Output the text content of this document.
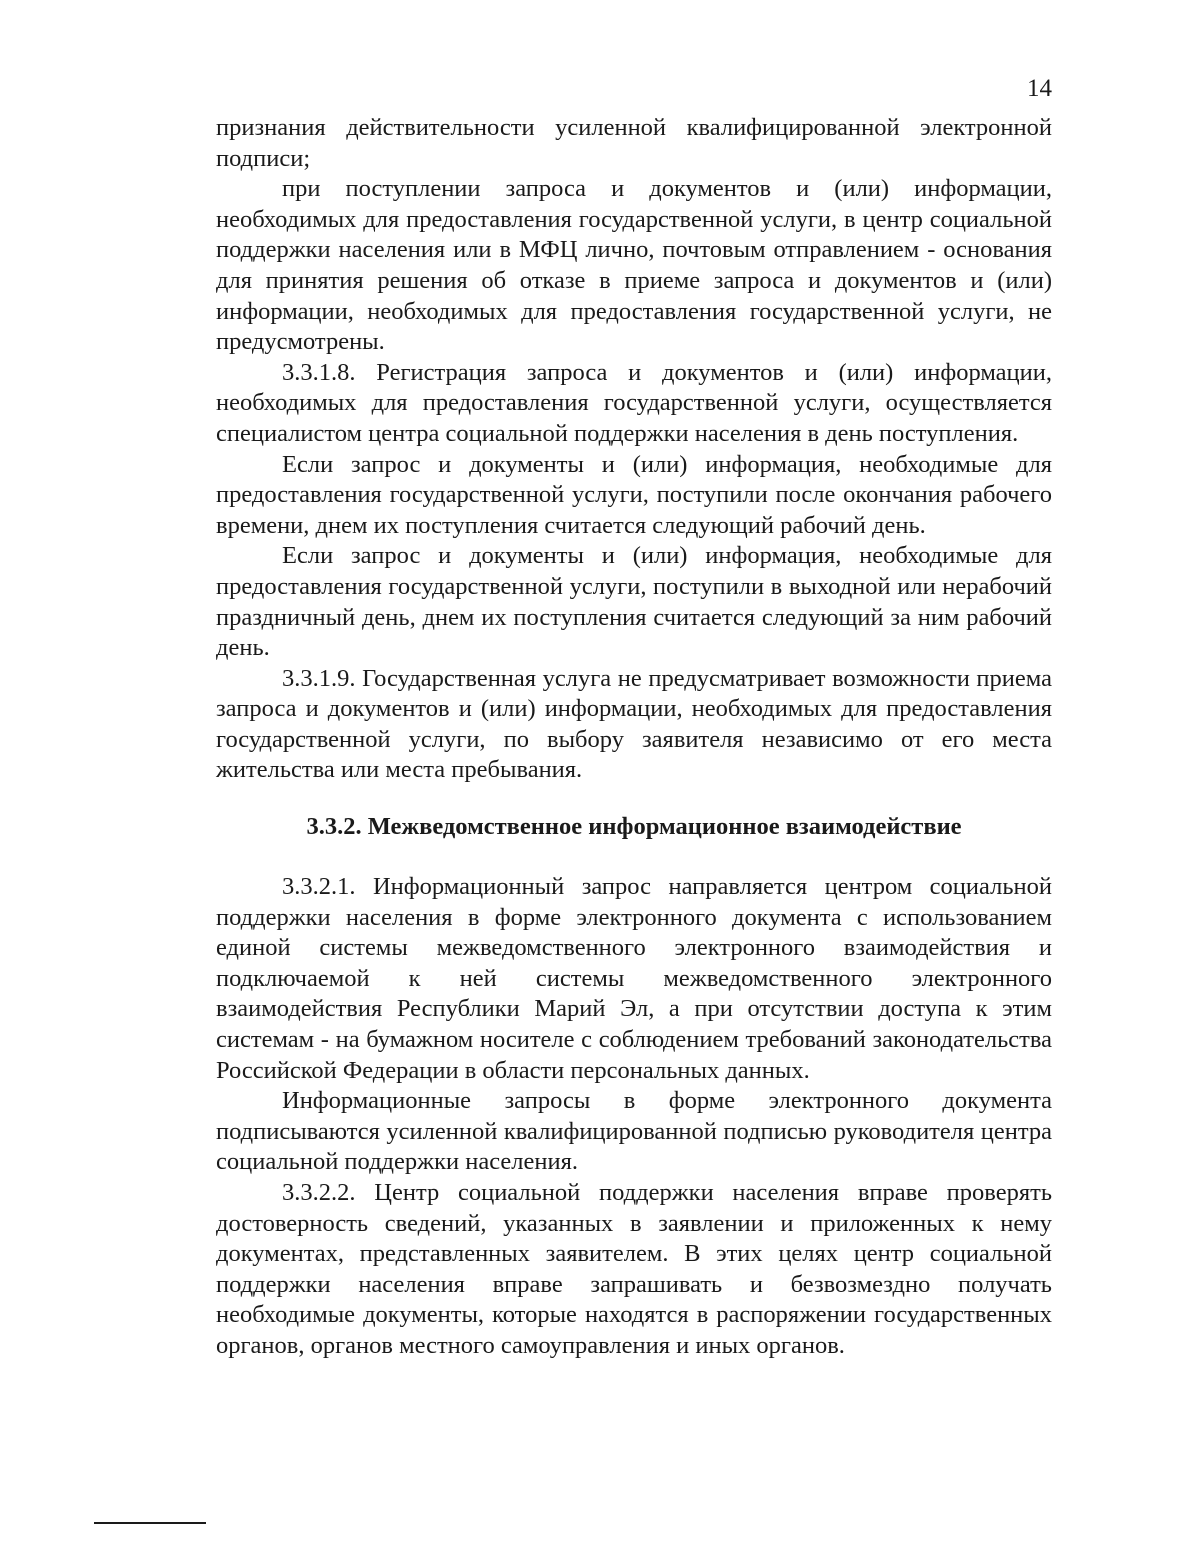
14

признания действительности усиленной квалифицированной электронной подписи;

при поступлении запроса и документов и (или) информации, необходимых для предоставления государственной услуги, в центр социальной поддержки населения или в МФЦ лично, почтовым отправлением - основания для принятия решения об отказе в приеме запроса и документов и (или) информации, необходимых для предоставления государственной услуги, не предусмотрены.

3.3.1.8. Регистрация запроса и документов и (или) информации, необходимых для предоставления государственной услуги, осуществляется специалистом центра социальной поддержки населения в день поступления.

Если запрос и документы и (или) информация, необходимые для предоставления государственной услуги, поступили после окончания рабочего времени, днем их поступления считается следующий рабочий день.

Если запрос и документы и (или) информация, необходимые для предоставления государственной услуги, поступили в выходной или нерабочий праздничный день, днем их поступления считается следующий за ним рабочий день.

3.3.1.9. Государственная услуга не предусматривает возможности приема запроса и документов и (или) информации, необходимых для предоставления государственной услуги, по выбору заявителя независимо от его места жительства или места пребывания.

3.3.2. Межведомственное информационное взаимодействие

3.3.2.1. Информационный запрос направляется центром социальной поддержки населения в форме электронного документа с использованием единой системы межведомственного электронного взаимодействия и подключаемой к ней системы межведомственного электронного взаимодействия Республики Марий Эл, а при отсутствии доступа к этим системам - на бумажном носителе с соблюдением требований законодательства Российской Федерации в области персональных данных.

Информационные запросы в форме электронного документа подписываются усиленной квалифицированной подписью руководителя центра социальной поддержки населения.

3.3.2.2. Центр социальной поддержки населения вправе проверять достоверность сведений, указанных в заявлении и приложенных к нему документах, представленных заявителем. В этих целях центр социальной поддержки населения вправе запрашивать и безвозмездно получать необходимые документы, которые находятся в распоряжении государственных органов, органов местного самоуправления и иных органов.
